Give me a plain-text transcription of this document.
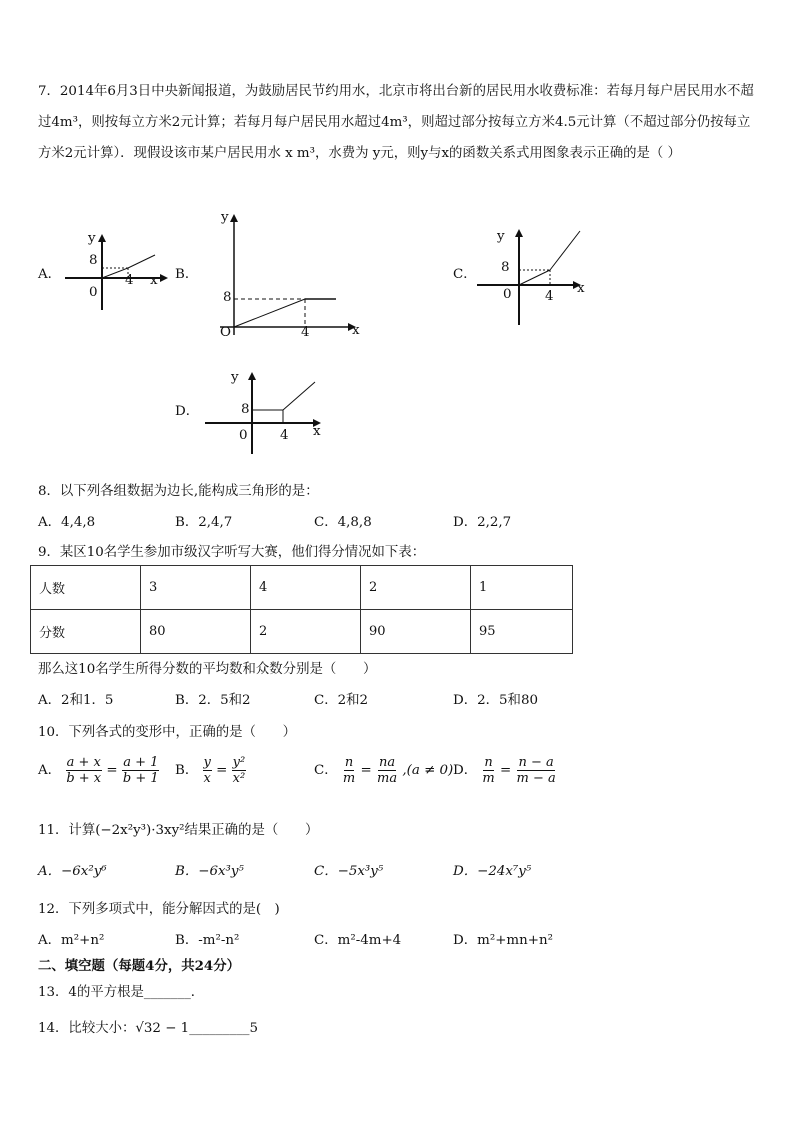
7．2014年6月3日中央新闻报道，为鼓励居民节约用水，北京市将出台新的居民用水收费标准：若每月每户居民用水不超过4m³，则按每立方米2元计算；若每月每户居民用水超过4m³，则超过部分按每立方米4.5元计算（不超过部分仍按每立方米2元计算）．现假设该市某户居民用水 x m³，水费为 y元，则y与x的函数关系式用图象表示正确的是（ ）
A．
y
8
0
4 x B．
y
8
O	4	x
C．
y
8
0 4
x
D．
y
8
0 4 x
8．以下列各组数据为边长,能构成三角形的是：
A．4,4,8	B．2,4,7	C．4,8,8	D．2,2,7
9．某区10名学生参加市级汉字听写大赛，他们得分情况如下表：
人数	3	4	2	1
分数	80	2	90	95
那么这10名学生所得分数的平均数和众数分别是（　　）
A．2和1．5	B．2．5和2	C．2和2	D．2．5和80
10．下列各式的变形中，正确的是（　　）
A． $\frac{a + x}{b + x} = \frac{a + 1}{b + 1}$ B． $\frac{y}{x} = \frac{\text{y²}}{\text{x²}}$	C． $\frac{n}{m} = \frac{na}{ma} ,(a \ne 0)$ D． $\frac{n}{m} = \frac{n - a}{m - a}$
11．计算(−2x²y³)·3xy²结果正确的是（　　）
A．−6x²y⁶	B．−6x³y⁵	C．−5x³y⁵	D．−24x⁷y⁵
12．下列多项式中，能分解因式的是(　)
A．m²+n²	B．-m²-n²	C．m²-4m+4	D．m²+mn+n²
二、填空题（每题4分，共24分）
13．4的平方根是_______．
14．比较大小：√32 − 1_________5
